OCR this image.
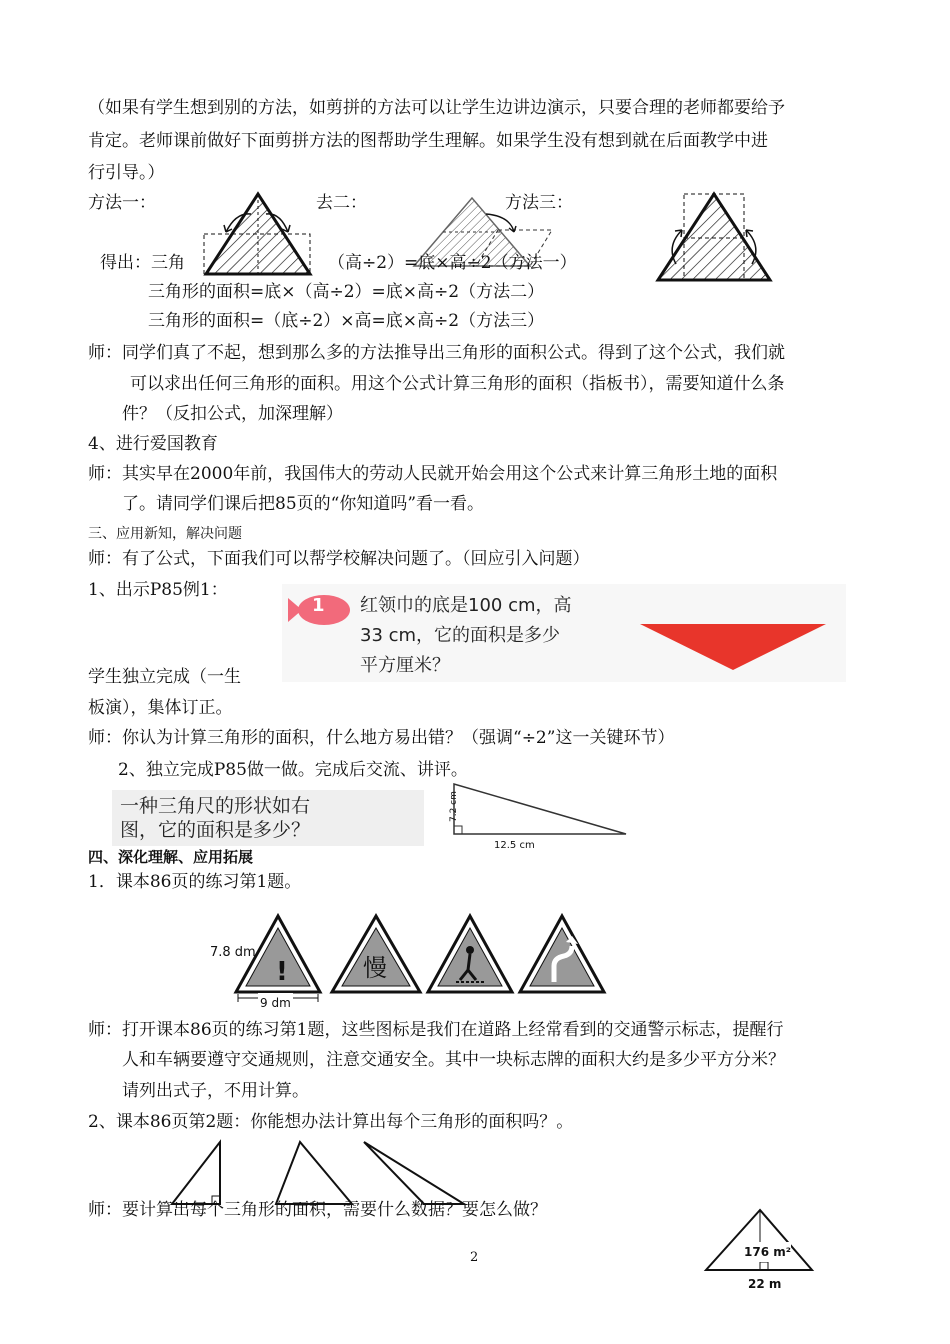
（如果有学生想到别的方法，如剪拼的方法可以让学生边讲边演示，只要合理的老师都要给予
肯定。老师课前做好下面剪拼方法的图帮助学生理解。如果学生没有想到就在后面教学中进
行引导。）
方法一：	去二：	方法三：
得出：三角	（高÷2）=底×高÷2（方法一）
三角形的面积=底×（高÷2）=底×高÷2（方法二）
三角形的面积=（底÷2）×高=底×高÷2（方法三）
师：同学们真了不起，想到那么多的方法推导出三角形的面积公式。得到了这个公式，我们就
可以求出任何三角形的面积。用这个公式计算三角形的面积（指板书），需要知道什么条
件？（反扣公式，加深理解）
4、进行爱国教育
师：其实早在2000年前，我国伟大的劳动人民就开始会用这个公式来计算三角形土地的面积
了。请同学们课后把85页的“你知道吗”看一看。
三、应用新知，解决问题
师：有了公式，下面我们可以帮学校解决问题了。（回应引入问题）
1、出示P85例1：
1 红领巾的底是100 cm，高
33 cm，它的面积是多少
平方厘米？
学生独立完成（一生
板演），集体订正。
师：你认为计算三角形的面积，什么地方易出错？（强调“÷2”这一关键环节）
2、独立完成P85做一做。完成后交流、讲评。
一种三角尺的形状如右
图，它的面积是多少？
7.2 cm
12.5 cm
四、深化理解、应用拓展
1．课本86页的练习第1题。
7.8 dm
!	慢
9 dm
师：打开课本86页的练习第1题，这些图标是我们在道路上经常看到的交通警示标志，提醒行
人和车辆要遵守交通规则，注意交通安全。其中一块标志牌的面积大约是多少平方分米？
请列出式子，不用计算。
2、课本86页第2题：你能想办法计算出每个三角形的面积吗？。
师：要计算出每个三角形的面积，需要什么数据？要怎么做？
2	176 m²
22 m
